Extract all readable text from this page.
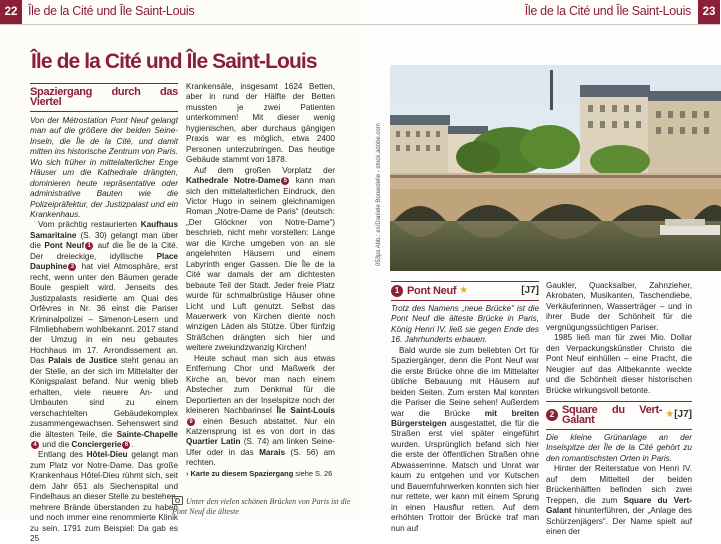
22 Île de la Cité und Île Saint-Louis
Île de la Cité und Île Saint-Louis
Spaziergang durch das Viertel

Von der Métrostation Pont Neuf gelangt man auf die größere der beiden Seine-Inseln, die Île de la Cité, und damit mitten ins historische Zentrum von Paris. Wo sich früher in mittelalterlicher Enge Häuser um die Kathedrale drängten, dominieren heute repräsentative oder administrative Bauten wie die Polizeipräfektur, der Justizpalast und ein Krankenhaus.

Vom prächtig restaurierten Kaufhaus Samaritaine (S. 30) gelangt man über die Pont Neuf 1 auf die Île de la Cité. Der dreieckige, idyllische Place Dauphine 3 hat viel Atmosphäre, erst recht, wenn unter den Bäumen gerade Boule gespielt wird. Jenseits des Justizpalasts residierte am Quai des Orfèvres in Nr. 36 einst die Pariser Kriminalpolizei – Simenon-Lesern und Filmliebhabern wohlbekannt. 2017 stand der Umzug in ein neu gebautes Hochhaus im 17. Arrondissement an. Das Palais de Justice steht genau an der Stelle, an der sich im Mittelalter der Königspalast befand. Nur wenig blieb erhalten, viele neuere An- und Umbauten sind zu einem verschachtelten Gebäudekomplex zusammengewachsen. Sehenswert sind die ältesten Teile, die Sainte-Chapelle4 und die Conciergerie 6 .

Entlang des Hôtel-Dieu gelangt man zum Platz vor Notre-Dame. Das große Krankenhaus Hôtel-Dieu rühmt sich, seit dem Jahr 651 als Siechenspital und Findelhaus an dieser Stelle zu bestehen, mehrere Brände überstanden zu haben und noch immer eine renommierte Klinik zu sein. 1791 zum Beispiel: Da gab es 25

Krankensäle, insgesamt 1624 Betten, aber in rund der Hälfte der Betten mussten je zwei Patienten unterkommen! Mit dieser wenig hygienischen, aber durchaus gängigen Praxis war es möglich, etwa 2400 Personen unterzubringen. Das heutige Gebäude stammt von 1878.

Auf dem großen Vorplatz der Kathedrale Notre-Dame 5 kann man sich den mittelalterlichen Eindruck, den Victor Hugo in seinem gleichnamigen Roman „Notre-Dame de Paris“ (deutsch: „Der Glöckner von Notre-Dame“) beschrieb, nicht mehr vorstellen: Lange war die Kirche umgeben von an sie angelehnten Häusern und einem Labyrinth enger Gassen. Die Île de la Cité war damals der am dichtesten bebaute Teil der Stadt. Jeder freie Platz wurde für schmalbrüstige Häuser ohne Licht und Luft genutzt. Selbst das Mauerwerk von Kirchen diente noch winzigen Läden als Stütze. Über fünfzig Sträßchen drängten sich hier und weitere zweiundzwanzig Kirchen!

Heute schaut man sich aus etwas Entfernung Chor und Maßwerk der Kirche an, bevor man nach einem Abstecher zum Denkmal für die Deportierten an der Inselspitze noch der kleineren Nachbarinsel Île Saint-Louis9 einen Besuch abstattet. Nur ein Katzensprung ist es von dort in das Quartier Latin (S. 74) am linken Seine-Ufer oder in das Marais (S. 56) am rechten.

› Karte zu diesem Spaziergang siehe S. 26

Unter den vielen schönen Brücken von Paris ist die Pont Neuf die älteste
Île de la Cité und Île Saint-Louis	23
053ps Abb.: ex/Daniele Bonardelle - stock.adobe.com
1 Pont Neuf ★	[J7]

Trotz des Namens „neue Brücke“ ist die Pont Neuf die älteste Brücke in Paris, König Henri IV. ließ sie gegen Ende des 16. Jahrhunderts erbauen.

Bald wurde sie zum beliebten Ort für Spaziergänger, denn die Pont Neuf war die erste Brücke ohne die im Mittelalter übliche Bebauung mit Häusern auf beiden Seiten. Zum ersten Mal konnten die Pariser die Seine sehen! Außerdem war die Brücke mit breiten Bürgersteigen ausgestattet, die für die Straßen erst viel später eingeführt wurden. Ursprünglich befand sich hier die erste der öffentlichen Straßen ohne Abwasserrinne. Matsch und Unrat war kaum zu entgehen und vor Kutschen und Bauernfuhrwerken konnten sich hier nur rettete, wer kann mit einem Sprung in einen Hausflur retten. Auf dem erhöhten Trottoir der Brücke traf man nun auf

Gaukler, Quacksalber, Zahnzieher, Akrobaten, Musikanten, Taschendiebe, Verkäuferinnen, Wasserträger – und in ihrer Bude der Schönheit für die vergnügungssüchtigen Pariser.

1985 ließ man für zwei Mio. Dollar den Verpackungskünstler Christo die Pont Neuf einhüllen – eine Pracht, die Neugier auf das Altbekannte weckte und die Schönheit dieser historischen Brücke wirkungsvoll betonte.

2 Square du Vert-Galant	★ [J7]

Die kleine Grünanlage an der Inselspitze der Île de la Cité gehört zu den romantischsten Orten in Paris.

Hinter der Reiterstatue von Henri IV. auf dem Mittelteil der beiden Brückenhälften befinden sich zwei Treppen, die zum Square du Vert-Galant hinunterführen, der „Anlage des Schürzenjägers“. Der Name spielt auf einen der
